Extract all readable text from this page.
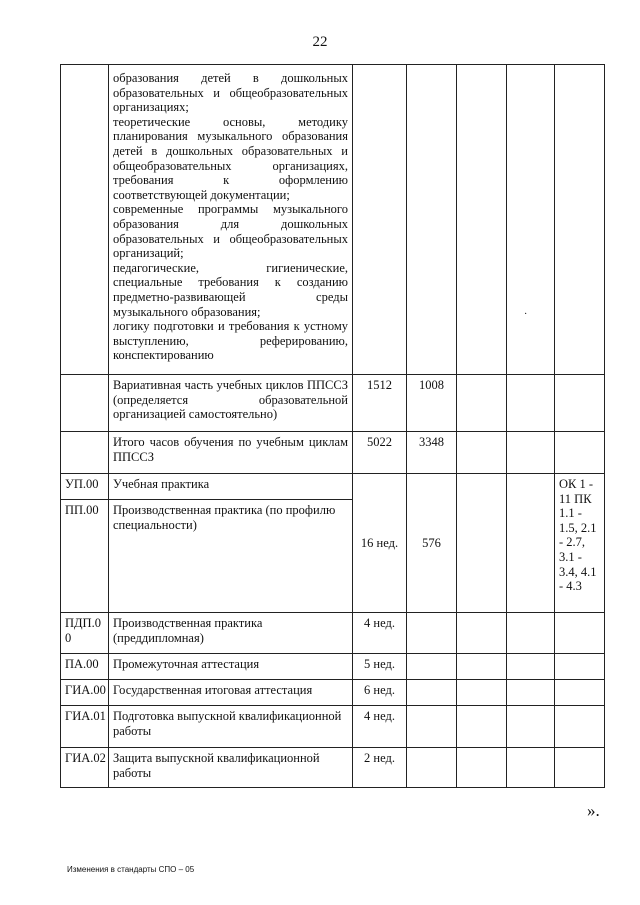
22

	образования детей в дошкольных образовательных и общеобразовательных организациях;

теоретические основы, методику планирования музыкального образования детей в дошкольных образовательных и общеобразовательных организациях, требования к оформлению соответствующей документации;

современные программы музыкального образования для дошкольных образовательных и общеобразовательных организаций;

педагогические, гигиенические, специальные требования к созданию предметно-развивающей среды музыкального образования;

логику подготовки и требования к устному выступлению, реферированию, конспектированию					

	Вариативная часть учебных циклов ППССЗ (определяется образовательной организацией самостоятельно)	1512	1008			
	Итого часов обучения по учебным циклам ППССЗ	5022	3348			
УП.00	Учебная практика	16 нед.	576			ОК 1 - 11 ПК 1.1 - 1.5, 2.1 - 2.7, 3.1 - 3.4, 4.1 - 4.3
ПП.00	Производственная практика (по профилю специальности)					
ПДП.0 0	Производственная практика (преддипломная)	4 нед.				
ПА.00	Промежуточная аттестация	5 нед.				
ГИА.00	Государственная итоговая аттестация	6 нед.				
ГИА.01	Подготовка выпускной квалификационной работы	4 нед.				
ГИА.02	Защита выпускной квалификационной работы	2 нед.				
·
».
Изменения в стандарты СПО – 05
